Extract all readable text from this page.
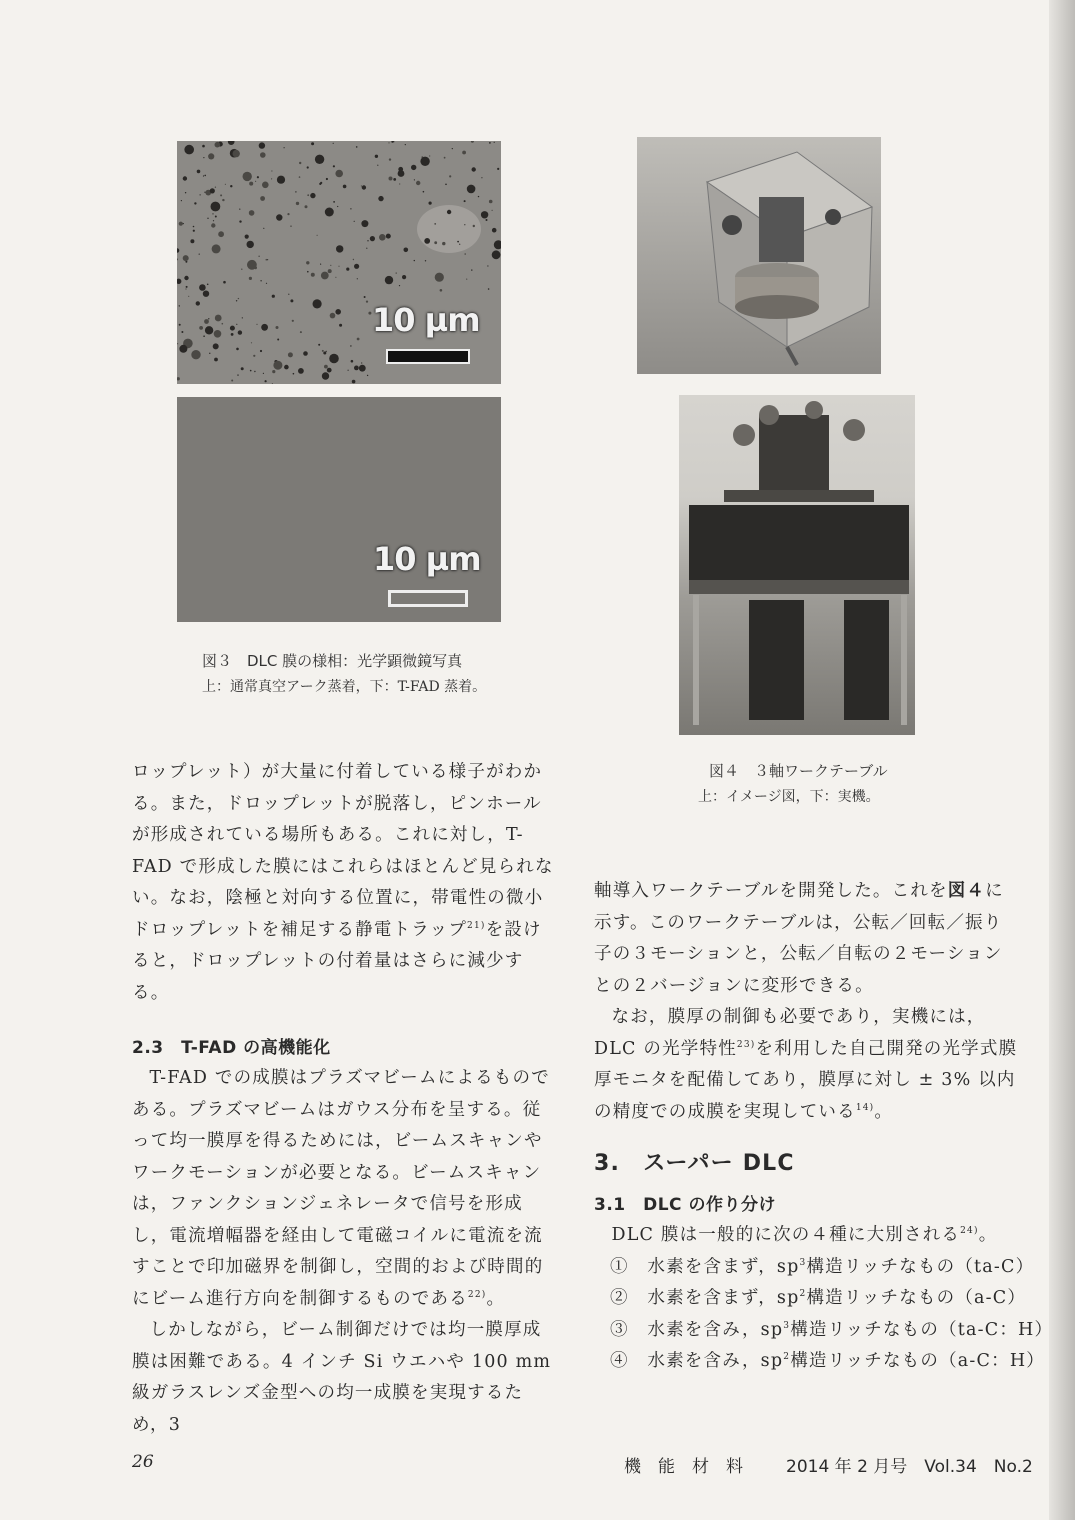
10 µm
10 µm
図３　DLC 膜の様相：光学顕微鏡写真
上：通常真空アーク蒸着，下：T-FAD 蒸着。
図４　３軸ワークテーブル
上：イメージ図，下：実機。

ロップレット）が大量に付着している様子がわかる。また，ドロップレットが脱落し，ピンホールが形成されている場所もある。これに対し，T-FAD で形成した膜にはこれらはほとんど見られない。なお，陰極と対向する位置に，帯電性の微小ドロップレットを補足する静電トラップ$^{21)}$を設けると，ドロップレットの付着量はさらに減少する。

2.3　T-FAD の高機能化

T-FAD での成膜はプラズマビームによるものである。プラズマビームはガウス分布を呈する。従って均一膜厚を得るためには，ビームスキャンやワークモーションが必要となる。ビームスキャンは，ファンクションジェネレータで信号を形成し，電流増幅器を経由して電磁コイルに電流を流すことで印加磁界を制御し，空間的および時間的にビーム進行方向を制御するものである$^{22)}$。

しかしながら，ビーム制御だけでは均一膜厚成膜は困難である。4 インチ Si ウエハや 100 mm 級ガラスレンズ金型への均一成膜を実現するため，3

軸導入ワークテーブルを開発した。これを図４に示す。このワークテーブルは，公転／回転／振り子の３モーションと，公転／自転の２モーションとの２バージョンに変形できる。

なお，膜厚の制御も必要であり，実機には，DLC の光学特性$^{23)}$を利用した自己開発の光学式膜厚モニタを配備してあり，膜厚に対し ± 3% 以内の精度での成膜を実現している$^{14)}$。

3.　スーパー DLC

3.1　DLC の作り分け

DLC 膜は一般的に次の４種に大別される$^{24)}$。

①　水素を含まず，$sp^3$構造リッチなもの（ta-C）

②　水素を含まず，$sp^2$構造リッチなもの（a-C）

③　水素を含み，$sp^3$構造リッチなもの（ta-C：H）

④　水素を含み，$sp^2$構造リッチなもの（a-C：H）

26	機　能　材　料	2014 年 2 月号　Vol.34　No.2
